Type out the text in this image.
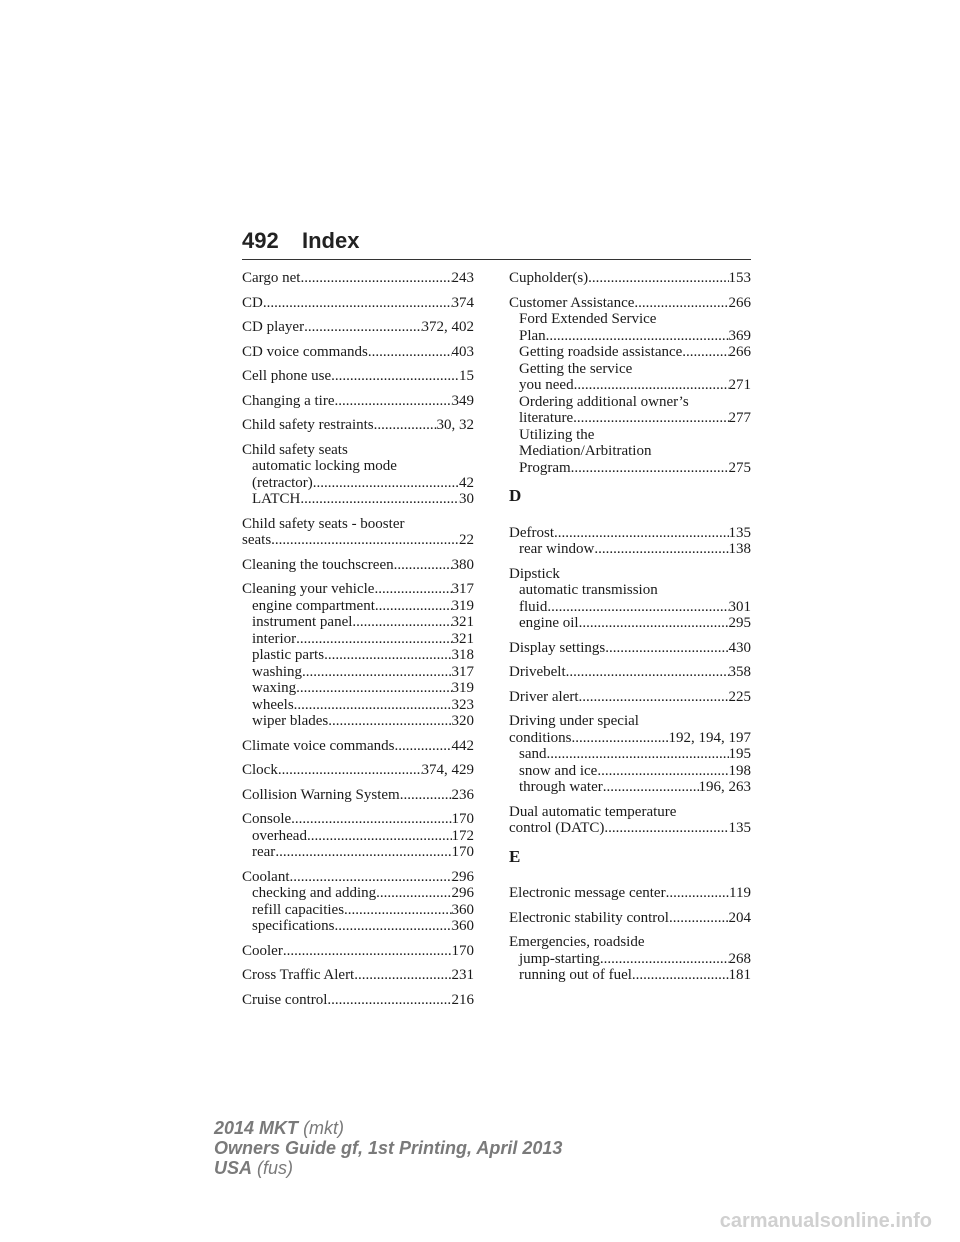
492 Index
Cargo net .....	243
CD .....	374
CD player .....	372, 402
CD voice commands .....	403
Cell phone use .....	15
Changing a tire .....	349
Child safety restraints .....	30, 32
Child safety seats
automatic locking mode
(retractor) .....	42
LATCH .....	30
Child safety seats - booster
seats .....	22
Cleaning the touchscreen .....	380
Cleaning your vehicle .....	317
engine compartment .....	319
instrument panel .....	321
interior .....	321
plastic parts .....	318
washing .....	317
waxing .....	319
wheels .....	323
wiper blades .....	320
Climate voice commands .....	442
Clock .....	374, 429
Collision Warning System .....	236
Console .....	170
overhead .....	172
rear .....	170
Coolant .....	296
checking and adding .....	296
refill capacities .....	360
specifications .....	360
Cooler .....	170
Cross Traffic Alert .....	231
Cruise control .....	216
Cupholder(s) .....	153
Customer Assistance .....	266
Ford Extended Service
Plan .....	369
Getting roadside assistance .....	266
Getting the service
you need .....	271
Ordering additional owner’s
literature .....	277
Utilizing the
Mediation/Arbitration
Program .....	275
D
Defrost .....	135
rear window .....	138
Dipstick
automatic transmission
fluid .....	301
engine oil .....	295
Display settings .....	430
Drivebelt .....	358
Driver alert .....	225
Driving under special
conditions .....	192, 194, 197
sand .....	195
snow and ice .....	198
through water .....	196, 263
Dual automatic temperature
control (DATC) .....	135
E
Electronic message center .....	119
Electronic stability control .....	204
Emergencies, roadside
jump-starting .....	268
running out of fuel .....	181
2014 MKT (mkt)
Owners Guide gf, 1st Printing, April 2013
USA (fus)
carmanualsonline.info
